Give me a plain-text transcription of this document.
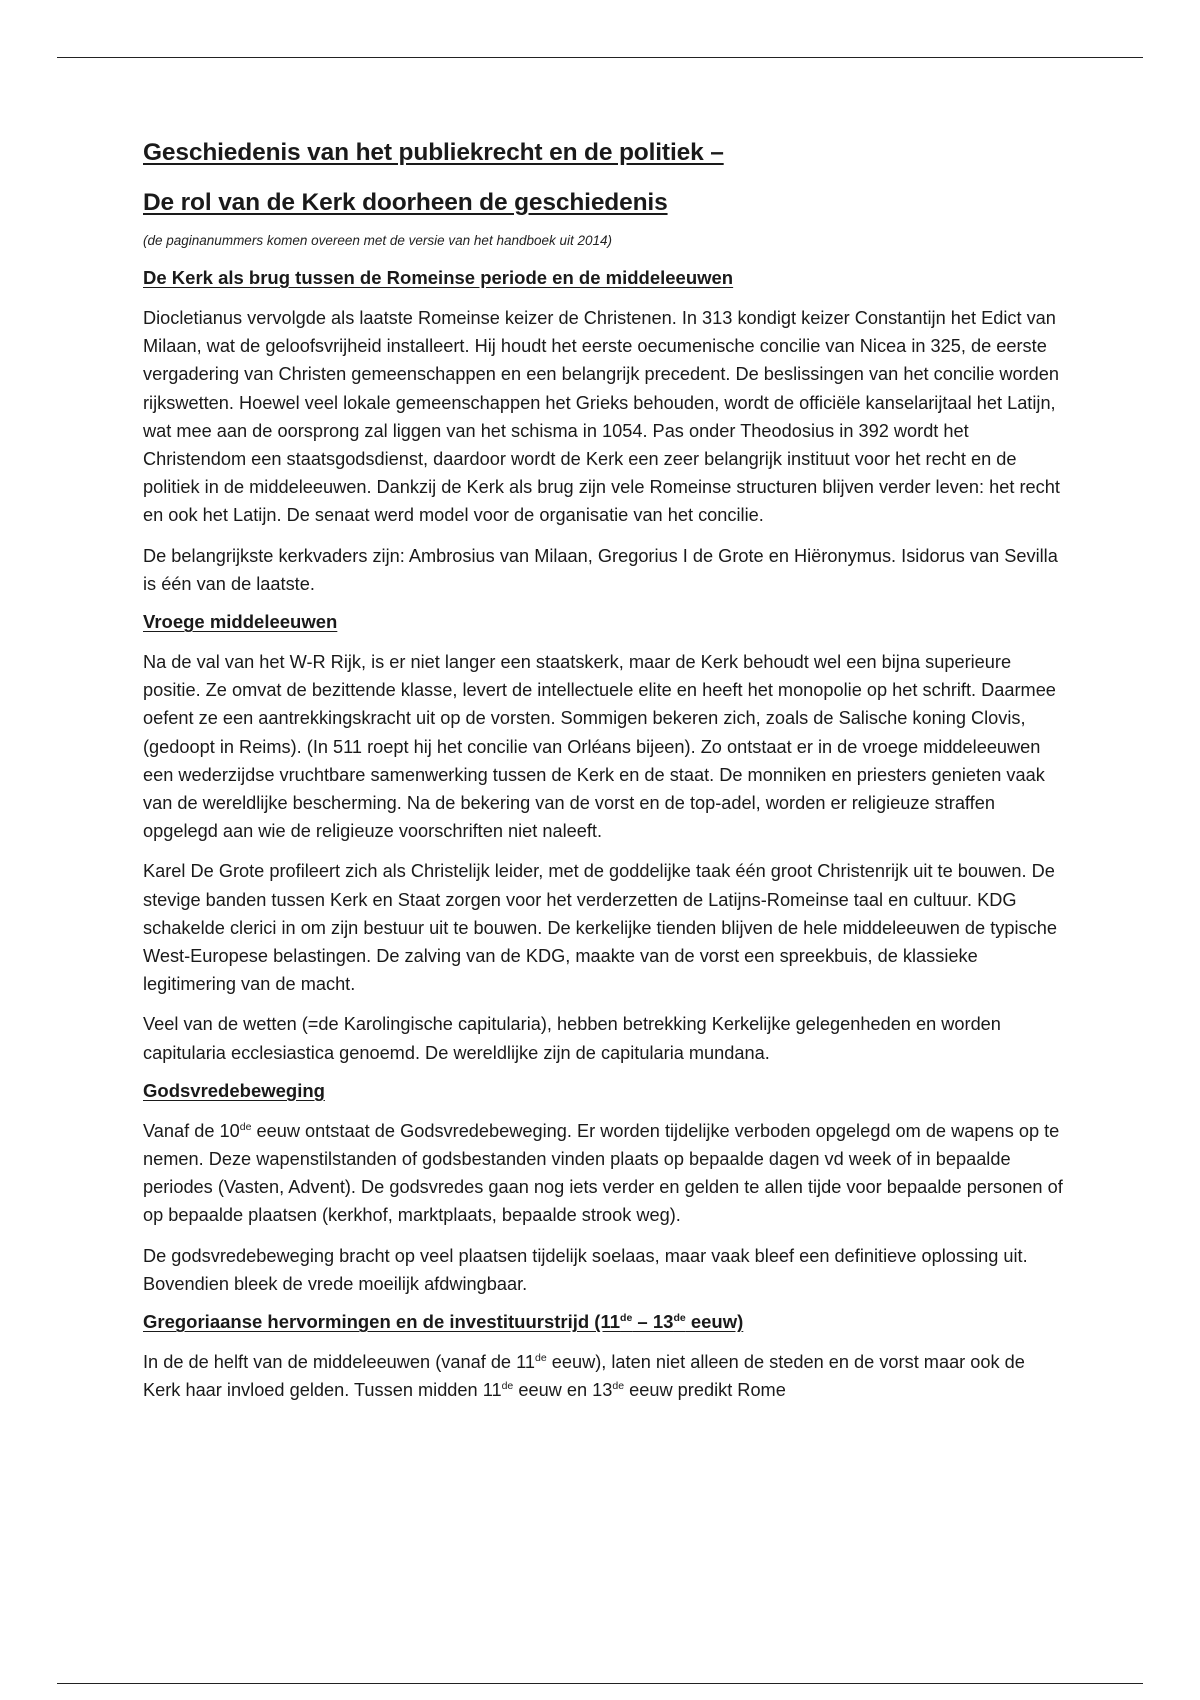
Geschiedenis van het publiekrecht en de politiek –
De rol van de Kerk doorheen de geschiedenis

(de paginanummers komen overeen met de versie van het handboek uit 2014)

De Kerk als brug tussen de Romeinse periode en de middeleeuwen

Diocletianus vervolgde als laatste Romeinse keizer de Christenen. In 313 kondigt keizer Constantijn het Edict van Milaan, wat de geloofsvrijheid installeert. Hij houdt het eerste oecumenische concilie van Nicea in 325, de eerste vergadering van Christen gemeenschappen en een belangrijk precedent. De beslissingen van het concilie worden rijkswetten. Hoewel veel lokale gemeenschappen het Grieks behouden, wordt de officiële kanselarijtaal het Latijn, wat mee aan de oorsprong zal liggen van het schisma in 1054. Pas onder Theodosius in 392 wordt het Christendom een staatsgodsdienst, daardoor wordt de Kerk een zeer belangrijk instituut voor het recht en de politiek in de middeleeuwen. Dankzij de Kerk als brug zijn vele Romeinse structuren blijven verder leven: het recht en ook het Latijn. De senaat werd model voor de organisatie van het concilie.

De belangrijkste kerkvaders zijn: Ambrosius van Milaan, Gregorius I de Grote en Hiëronymus. Isidorus van Sevilla is één van de laatste.

Vroege middeleeuwen

Na de val van het W-R Rijk, is er niet langer een staatskerk, maar de Kerk behoudt wel een bijna superieure positie. Ze omvat de bezittende klasse, levert de intellectuele elite en heeft het monopolie op het schrift. Daarmee oefent ze een aantrekkingskracht uit op de vorsten. Sommigen bekeren zich, zoals de Salische koning Clovis, (gedoopt in Reims). (In 511 roept hij het concilie van Orléans bijeen). Zo ontstaat er in de vroege middeleeuwen een wederzijdse vruchtbare samenwerking tussen de Kerk en de staat. De monniken en priesters genieten vaak van de wereldlijke bescherming. Na de bekering van de vorst en de top-adel, worden er religieuze straffen opgelegd aan wie de religieuze voorschriften niet naleeft.

Karel De Grote profileert zich als Christelijk leider, met de goddelijke taak één groot Christenrijk uit te bouwen. De stevige banden tussen Kerk en Staat zorgen voor het verderzetten de Latijns-Romeinse taal en cultuur. KDG schakelde clerici in om zijn bestuur uit te bouwen. De kerkelijke tienden blijven de hele middeleeuwen de typische West-Europese belastingen. De zalving van de KDG, maakte van de vorst een spreekbuis, de klassieke legitimering van de macht.

Veel van de wetten (=de Karolingische capitularia), hebben betrekking Kerkelijke gelegenheden en worden capitularia ecclesiastica genoemd. De wereldlijke zijn de capitularia mundana.

Godsvredebeweging

Vanaf de 10de eeuw ontstaat de Godsvredebeweging. Er worden tijdelijke verboden opgelegd om de wapens op te nemen. Deze wapenstilstanden of godsbestanden vinden plaats op bepaalde dagen vd week of in bepaalde periodes (Vasten, Advent). De godsvredes gaan nog iets verder en gelden te allen tijde voor bepaalde personen of op bepaalde plaatsen (kerkhof, marktplaats, bepaalde strook weg).

De godsvredebeweging bracht op veel plaatsen tijdelijk soelaas, maar vaak bleef een definitieve oplossing uit. Bovendien bleek de vrede moeilijk afdwingbaar.

Gregoriaanse hervormingen en de investituurstrijd (11de – 13de eeuw)

In de de helft van de middeleeuwen (vanaf de 11de eeuw), laten niet alleen de steden en de vorst maar ook de Kerk haar invloed gelden. Tussen midden 11de eeuw en 13de eeuw predikt Rome
